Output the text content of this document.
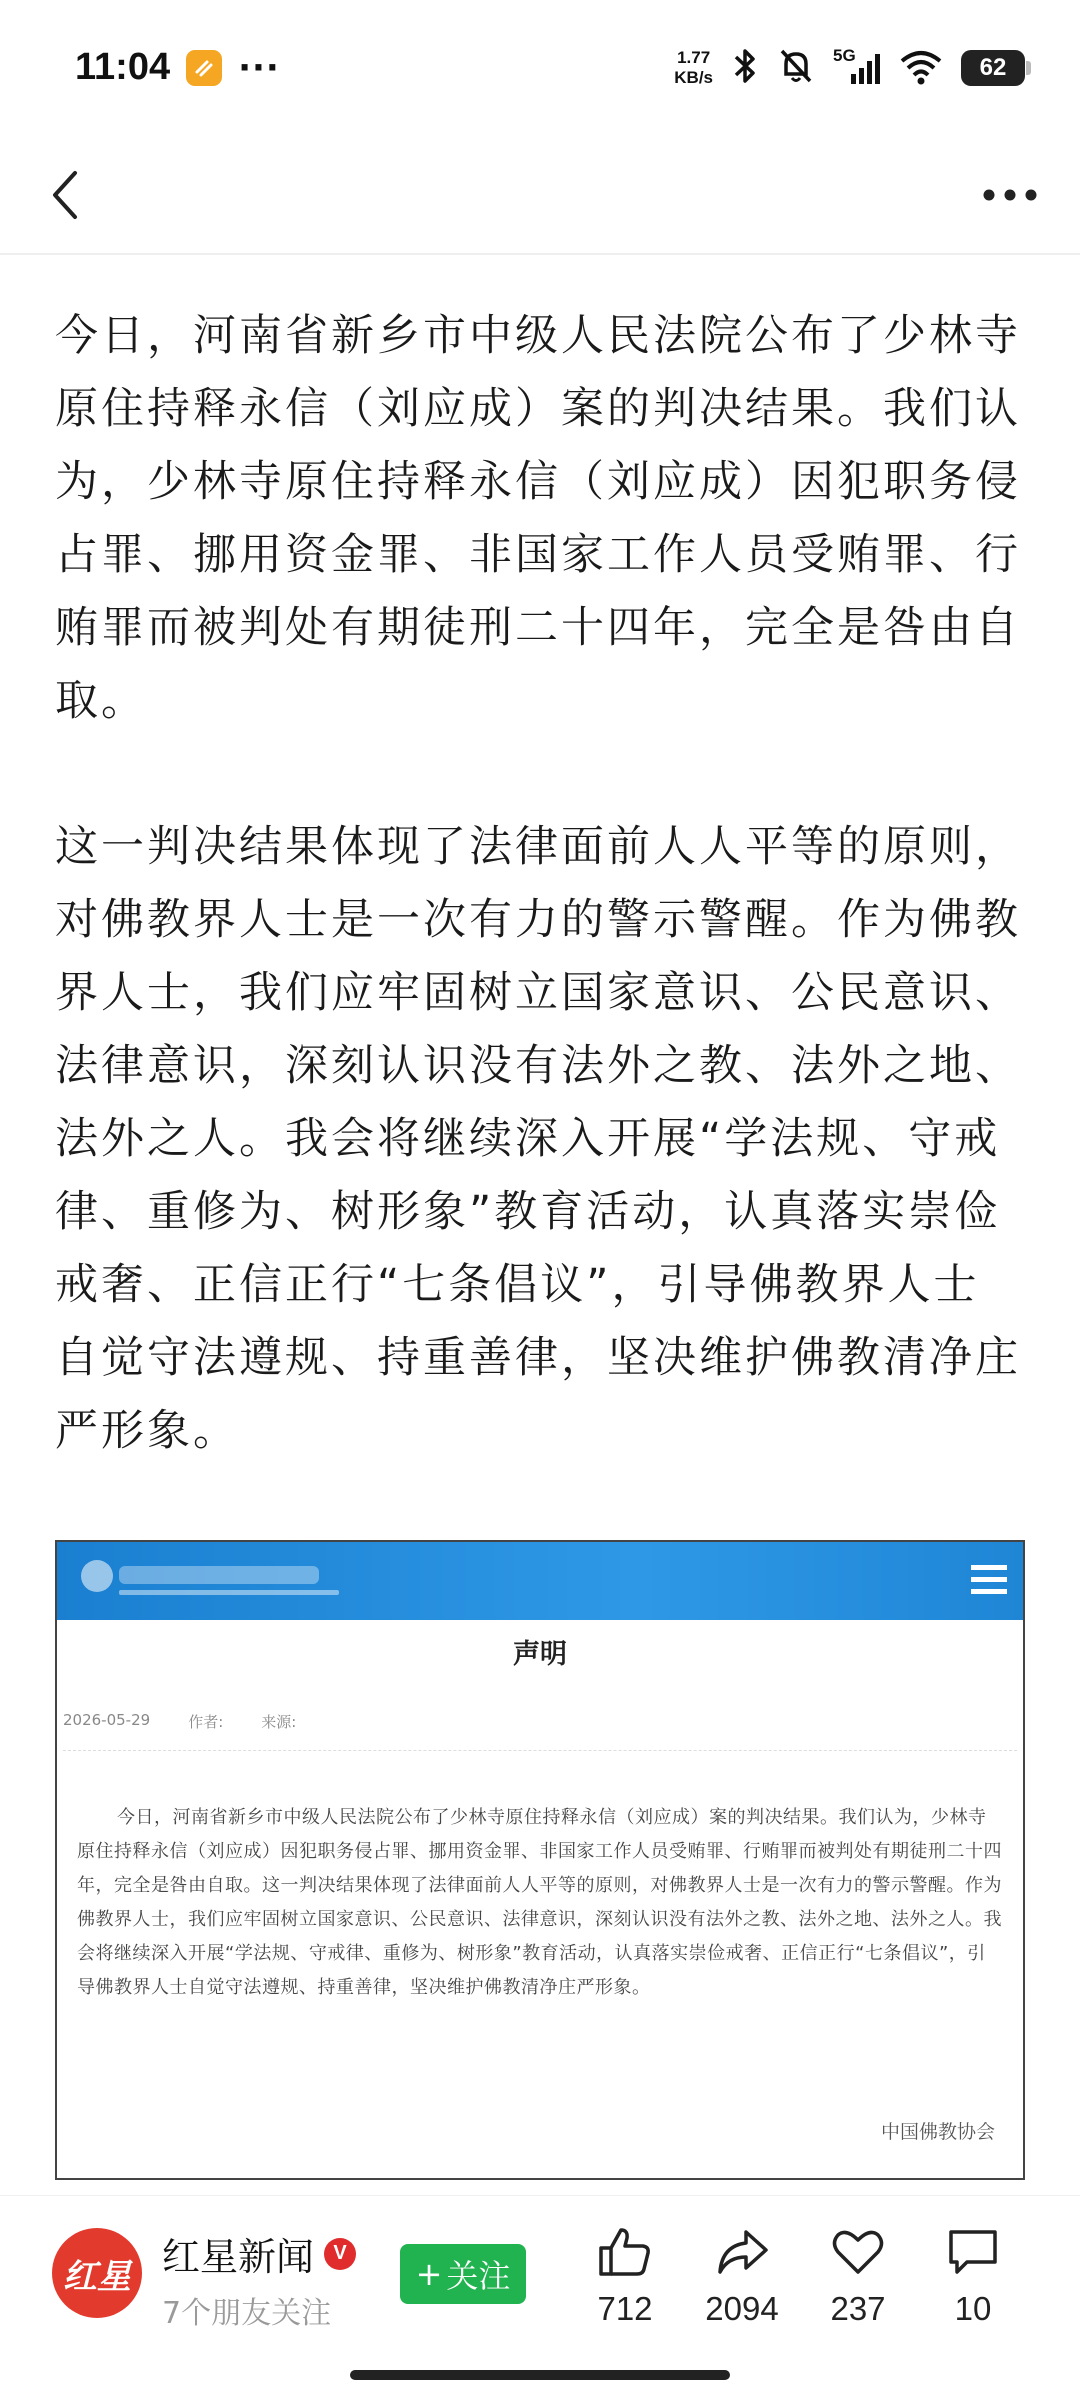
11:04 ···	1.77
KB/s
5G	62

今日，河南省新乡市中级人民法院公布了少林寺原住持释永信（刘应成）案的判决结果。我们认为，少林寺原住持释永信（刘应成）因犯职务侵占罪、挪用资金罪、非国家工作人员受贿罪、行贿罪而被判处有期徒刑二十四年，完全是咎由自取。

这一判决结果体现了法律面前人人平等的原则，对佛教界人士是一次有力的警示警醒。作为佛教界人士，我们应牢固树立国家意识、公民意识、法律意识，深刻认识没有法外之教、法外之地、法外之人。我会将继续深入开展“学法规、守戒律、重修为、树形象”教育活动，认真落实崇俭戒奢、正信正行“七条倡议”，引导佛教界人士自觉守法遵规、持重善律，坚决维护佛教清净庄严形象。

声明
2026-05-29	作者:	来源:
今日，河南省新乡市中级人民法院公布了少林寺原住持释永信（刘应成）案的判决结果。我们认为，少林寺原住持释永信（刘应成）因犯职务侵占罪、挪用资金罪、非国家工作人员受贿罪、行贿罪而被判处有期徒刑二十四年，完全是咎由自取。这一判决结果体现了法律面前人人平等的原则，对佛教界人士是一次有力的警示警醒。作为佛教界人士，我们应牢固树立国家意识、公民意识、法律意识，深刻认识没有法外之教、法外之地、法外之人。我会将继续深入开展“学法规、守戒律、重修为、树形象”教育活动，认真落实崇俭戒奢、正信正行“七条倡议”，引导佛教界人士自觉守法遵规、持重善律，坚决维护佛教清净庄严形象。
中国佛教协会
红星 红星新闻 V
7个朋友关注
+ 关注
712	2094	237	10
